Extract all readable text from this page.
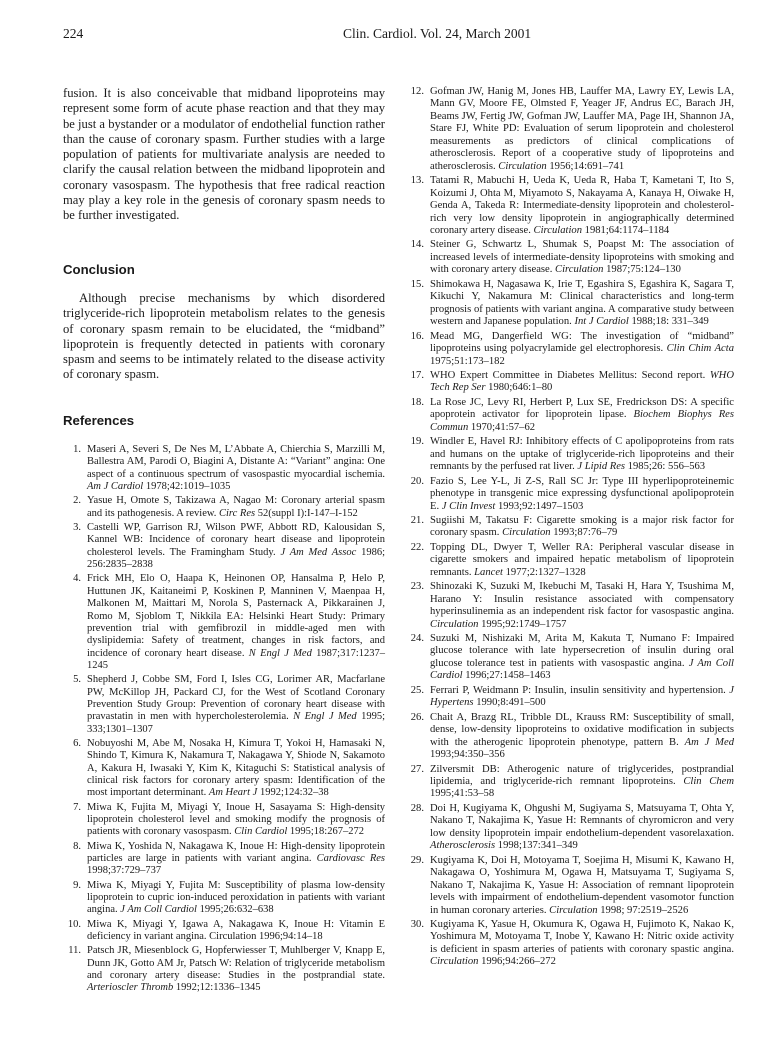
224	Clin. Cardiol. Vol. 24, March 2001

fusion. It is also conceivable that midband lipoproteins may represent some form of acute phase reaction and that they may be just a bystander or a modulator of endothelial function rather than the cause of coronary spasm. Further studies with a large population of patients for multivariate analysis are needed to clarify the causal relation between the midband lipoprotein and coronary vasospasm. The hypothesis that free radical reaction may play a key role in the genesis of coronary spasm needs to be further investigated.

Conclusion

Although precise mechanisms by which disordered triglyceride-rich lipoprotein metabolism relates to the genesis of coronary spasm remain to be elucidated, the “midband” lipoprotein is frequently detected in patients with coronary spasm and seems to be intimately related to the disease activity of coronary spasm.

References
1. Maseri A, Severi S, De Nes M, L’Abbate A, Chierchia S, Marzilli M, Ballestra AM, Parodi O, Biagini A, Distante A: “Variant” angina: One aspect of a continuous spectrum of vasospastic myocardial ischemia. Am J Cardiol 1978;42:1019–1035
2. Yasue H, Omote S, Takizawa A, Nagao M: Coronary arterial spasm and its pathogenesis. A review. Circ Res 52(suppl I):I-147–I-152
3. Castelli WP, Garrison RJ, Wilson PWF, Abbott RD, Kalousidan S, Kannel WB: Incidence of coronary heart disease and lipoprotein cholesterol levels. The Framingham Study. J Am Med Assoc 1986; 256:2835–2838
4. Frick MH, Elo O, Haapa K, Heinonen OP, Hansalma P, Helo P, Huttunen JK, Kaitaneimi P, Koskinen P, Manninen V, Maenpaa H, Malkonen M, Maittari M, Norola S, Pasternack A, Pikkarainen J, Romo M, Sjoblom T, Nikkila EA: Helsinki Heart Study: Primary prevention trial with gemfibrozil in middle-aged men with dyslipidemia: Safety of treatment, changes in risk factors, and incidence of coronary heart disease. N Engl J Med 1987;317:1237–1245
5. Shepherd J, Cobbe SM, Ford I, Isles CG, Lorimer AR, Macfarlane PW, McKillop JH, Packard CJ, for the West of Scotland Coronary Prevention Study Group: Prevention of coronary heart disease with pravastatin in men with hypercholesterolemia. N Engl J Med 1995; 333;1301–1307
6. Nobuyoshi M, Abe M, Nosaka H, Kimura T, Yokoi H, Hamasaki N, Shindo T, Kimura K, Nakamura T, Nakagawa Y, Shiode N, Sakamoto A, Kakura H, Iwasaki Y, Kim K, Kitaguchi S: Statistical analysis of clinical risk factors for coronary artery spasm: Identification of the most important determinant. Am Heart J 1992;124:32–38
7. Miwa K, Fujita M, Miyagi Y, Inoue H, Sasayama S: High-density lipoprotein cholesterol level and smoking modify the prognosis of patients with coronary vasospasm. Clin Cardiol 1995;18:267–272
8. Miwa K, Yoshida N, Nakagawa K, Inoue H: High-density lipoprotein particles are large in patients with variant angina. Cardiovasc Res 1998;37:729–737
9. Miwa K, Miyagi Y, Fujita M: Susceptibility of plasma low-density lipoprotein to cupric ion-induced peroxidation in patients with variant angina. J Am Coll Cardiol 1995;26:632–638
10. Miwa K, Miyagi Y, Igawa A, Nakagawa K, Inoue H: Vitamin E deficiency in variant angina. Circulation 1996;94:14–18
11. Patsch JR, Miesenblock G, Hopferwiesser T, Muhlberger V, Knapp E, Dunn JK, Gotto AM Jr, Patsch W: Relation of triglyceride metabolism and coronary artery disease: Studies in the postprandial state. Arterioscler Thromb 1992;12:1336–1345
12. Gofman JW, Hanig M, Jones HB, Lauffer MA, Lawry EY, Lewis LA, Mann GV, Moore FE, Olmsted F, Yeager JF, Andrus EC, Barach JH, Beams JW, Fertig JW, Gofman JW, Lauffer MA, Page IH, Shannon JA, Stare FJ, White PD: Evaluation of serum lipoprotein and cholesterol measurements as predictors of clinical complications of atherosclerosis. Report of a cooperative study of lipoproteins and atherosclerosis. Circulation 1956;14:691–741
13. Tatami R, Mabuchi H, Ueda K, Ueda R, Haba T, Kametani T, Ito S, Koizumi J, Ohta M, Miyamoto S, Nakayama A, Kanaya H, Oiwake H, Genda A, Takeda R: Intermediate-density lipoprotein and cholesterol-rich very low density lipoprotein in angiographically determined coronary artery disease. Circulation 1981;64:1174–1184
14. Steiner G, Schwartz L, Shumak S, Poapst M: The association of increased levels of intermediate-density lipoproteins with smoking and with coronary artery disease. Circulation 1987;75:124–130
15. Shimokawa H, Nagasawa K, Irie T, Egashira S, Egashira K, Sagara T, Kikuchi Y, Nakamura M: Clinical characteristics and long-term prognosis of patients with variant angina. A comparative study between western and Japanese population. Int J Cardiol 1988;18: 331–349
16. Mead MG, Dangerfield WG: The investigation of “midband” lipoproteins using polyacrylamide gel electrophoresis. Clin Chim Acta 1975;51:173–182
17. WHO Expert Committee in Diabetes Mellitus: Second report. WHO Tech Rep Ser 1980;646:1–80
18. La Rose JC, Levy RI, Herbert P, Lux SE, Fredrickson DS: A specific apoprotein activator for lipoprotein lipase. Biochem Biophys Res Commun 1970;41:57–62
19. Windler E, Havel RJ: Inhibitory effects of C apolipoproteins from rats and humans on the uptake of triglyceride-rich lipoproteins and their remnants by the perfused rat liver. J Lipid Res 1985;26: 556–563
20. Fazio S, Lee Y-L, Ji Z-S, Rall SC Jr: Type III hyperlipoproteinemic phenotype in transgenic mice expressing dysfunctional apolipoprotein E. J Clin Invest 1993;92:1497–1503
21. Sugiishi M, Takatsu F: Cigarette smoking is a major risk factor for coronary spasm. Circulation 1993;87:76–79
22. Topping DL, Dwyer T, Weller RA: Peripheral vascular disease in cigarette smokers and impaired hepatic metabolism of lipoprotein remnants. Lancet 1977;2:1327–1328
23. Shinozaki K, Suzuki M, Ikebuchi M, Tasaki H, Hara Y, Tsushima M, Harano Y: Insulin resistance associated with compensatory hyperinsulinemia as an independent risk factor for vasospastic angina. Circulation 1995;92:1749–1757
24. Suzuki M, Nishizaki M, Arita M, Kakuta T, Numano F: Impaired glucose tolerance with late hypersecretion of insulin during oral glucose tolerance test in patients with vasospastic angina. J Am Coll Cardiol 1996;27:1458–1463
25. Ferrari P, Weidmann P: Insulin, insulin sensitivity and hypertension. J Hypertens 1990;8:491–500
26. Chait A, Brazg RL, Tribble DL, Krauss RM: Susceptibility of small, dense, low-density lipoproteins to oxidative modification in subjects with the atherogenic lipoprotein phenotype, pattern B. Am J Med 1993;94:350–356
27. Zilversmit DB: Atherogenic nature of triglycerides, postprandial lipidemia, and triglyceride-rich remnant lipoproteins. Clin Chem 1995;41:53–58
28. Doi H, Kugiyama K, Ohgushi M, Sugiyama S, Matsuyama T, Ohta Y, Nakano T, Nakajima K, Yasue H: Remnants of chyromicron and very low density lipoprotein impair endothelium-dependent vasorelaxation. Atherosclerosis 1998;137:341–349
29. Kugiyama K, Doi H, Motoyama T, Soejima H, Misumi K, Kawano H, Nakagawa O, Yoshimura M, Ogawa H, Matsuyama T, Sugiyama S, Nakano T, Nakajima K, Yasue H: Association of remnant lipoprotein levels with impairment of endothelium-dependent vasomotor function in human coronary arteries. Circulation 1998; 97:2519–2526
30. Kugiyama K, Yasue H, Okumura K, Ogawa H, Fujimoto K, Nakao K, Yoshimura M, Motoyama T, Inobe Y, Kawano H: Nitric oxide activity is deficient in spasm arteries of patients with coronary spastic angina. Circulation 1996;94:266–272
